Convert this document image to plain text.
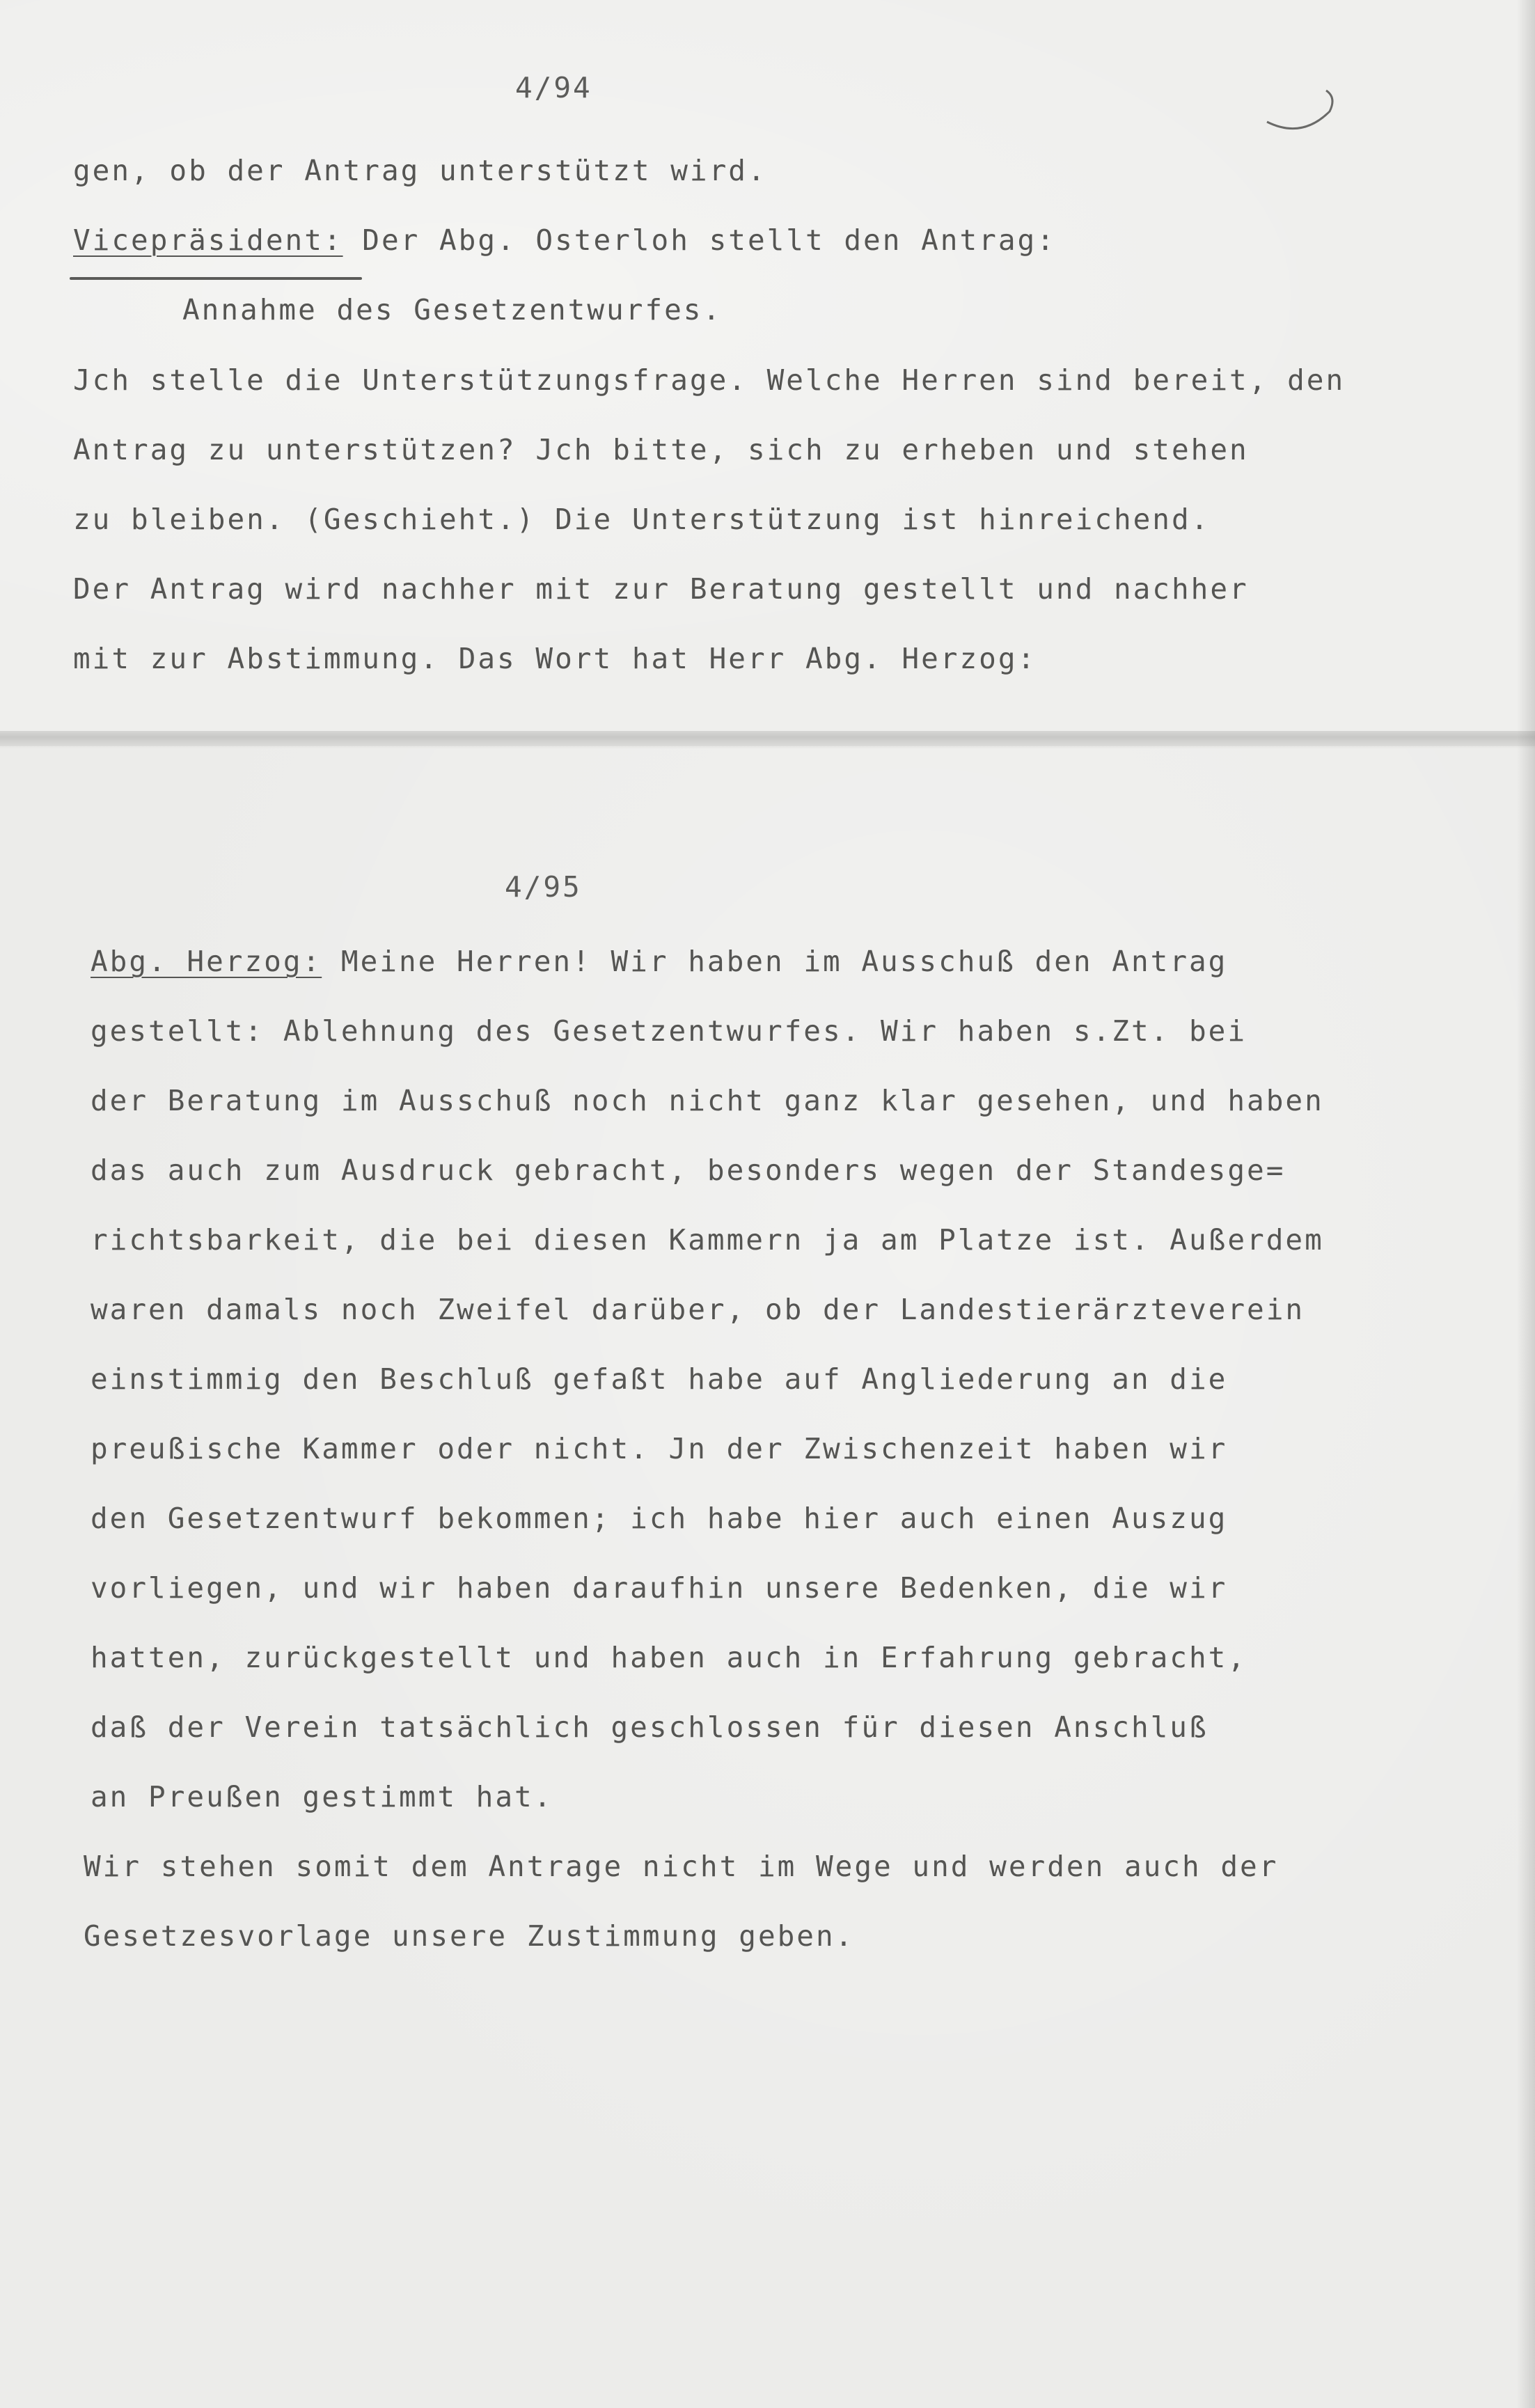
4/94
gen, ob der Antrag unterstützt wird.
Vicepräsident: Der Abg. Osterloh stellt den Antrag:
Annahme des Gesetzentwurfes.
Jch stelle die Unterstützungsfrage. Welche Herren sind bereit, den
Antrag zu unterstützen? Jch bitte, sich zu erheben und stehen
zu bleiben. (Geschieht.) Die Unterstützung ist hinreichend.
Der Antrag wird nachher mit zur Beratung gestellt und nachher
mit zur Abstimmung. Das Wort hat Herr Abg. Herzog:
4/95
Abg. Herzog: Meine Herren! Wir haben im Ausschuß den Antrag
gestellt: Ablehnung des Gesetzentwurfes. Wir haben s.Zt. bei
der Beratung im Ausschuß noch nicht ganz klar gesehen, und haben
das auch zum Ausdruck gebracht, besonders wegen der Standesge=
richtsbarkeit, die bei diesen Kammern ja am Platze ist. Außerdem
waren damals noch Zweifel darüber, ob der Landestierärzteverein
einstimmig den Beschluß gefaßt habe auf Angliederung an die
preußische Kammer oder nicht. Jn der Zwischenzeit haben wir
den Gesetzentwurf bekommen; ich habe hier auch einen Auszug
vorliegen, und wir haben daraufhin unsere Bedenken, die wir
hatten, zurückgestellt und haben auch in Erfahrung gebracht,
daß der Verein tatsächlich geschlossen für diesen Anschluß
an Preußen gestimmt hat.
Wir stehen somit dem Antrage nicht im Wege und werden auch der
Gesetzesvorlage unsere Zustimmung geben.
